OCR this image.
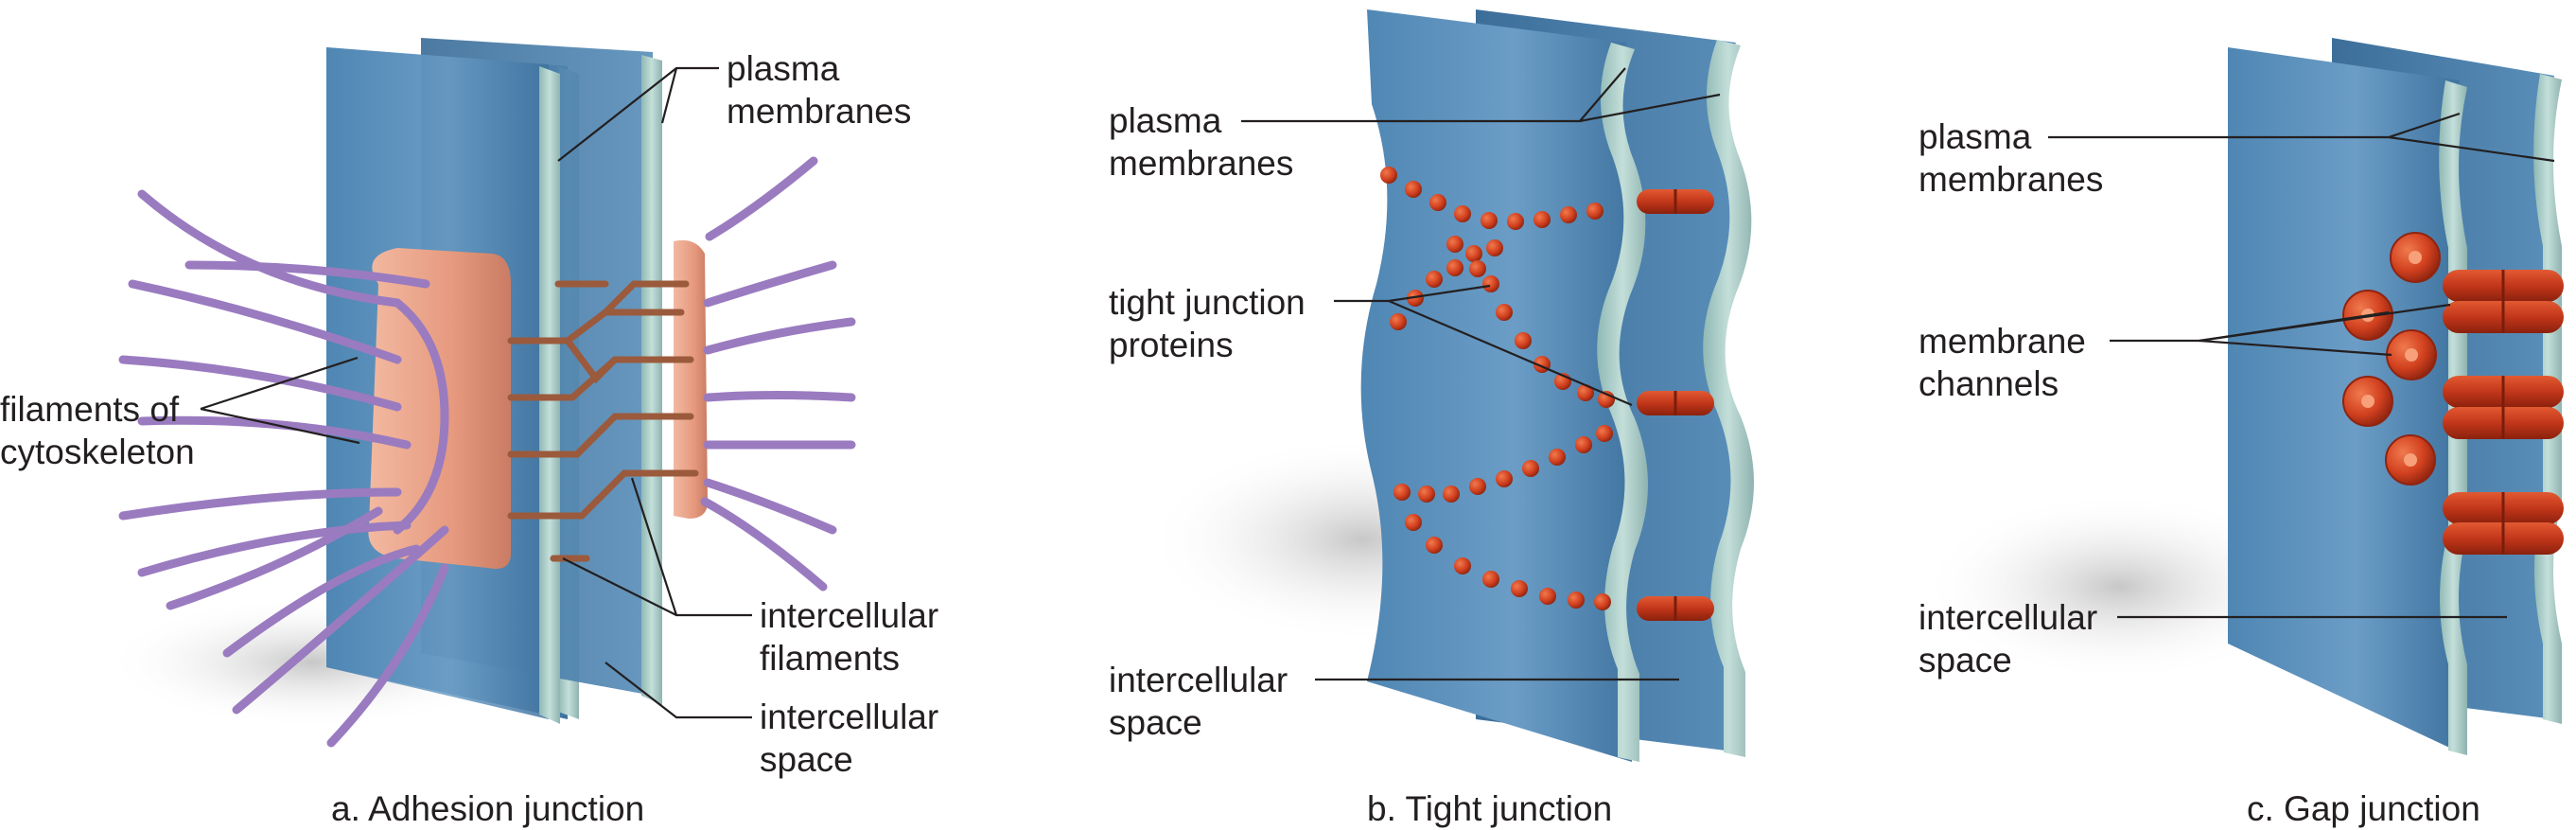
plasma
membranes
filaments of
cytoskeleton
intercellular
filaments
intercellular
space
a. Adhesion junction
plasma
membranes
tight junction
proteins
intercellular
space
b. Tight junction
plasma
membranes
membrane
channels
intercellular
space
c. Gap junction
